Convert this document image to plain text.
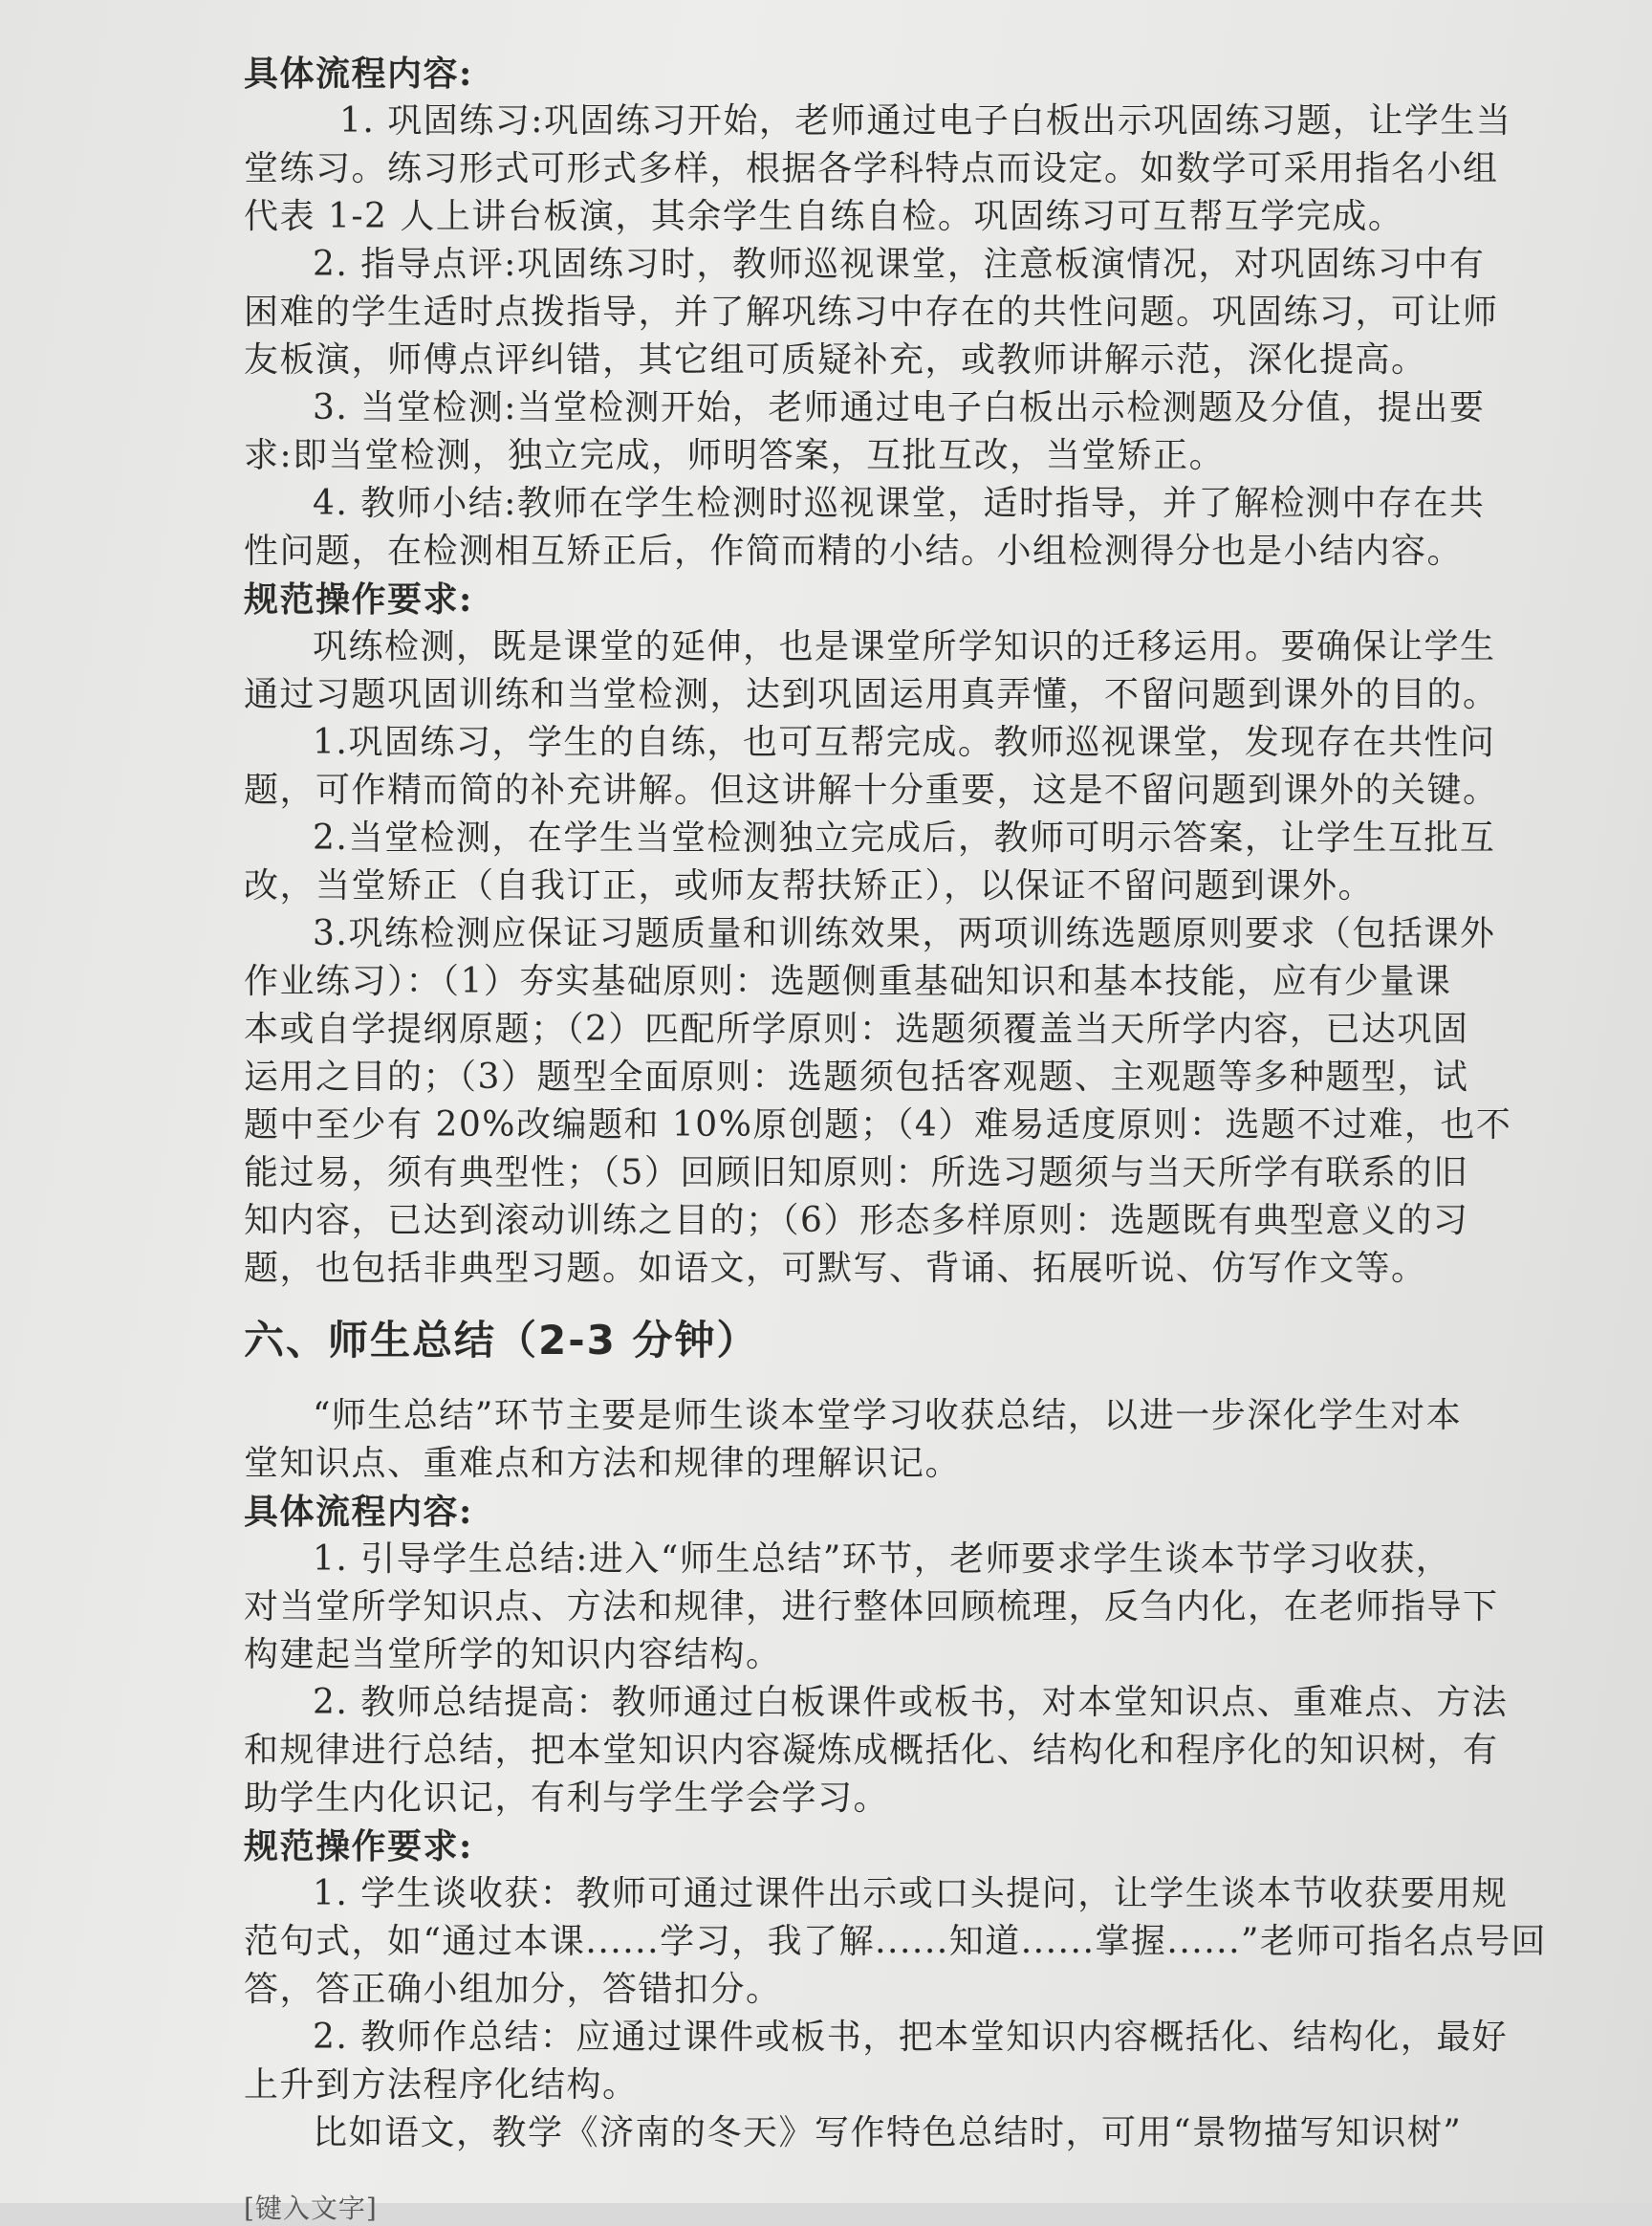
具体流程内容:
1. 巩固练习:巩固练习开始，老师通过电子白板出示巩固练习题，让学生当
堂练习。练习形式可形式多样，根据各学科特点而设定。如数学可采用指名小组
代表 1-2 人上讲台板演，其余学生自练自检。巩固练习可互帮互学完成。
2. 指导点评:巩固练习时，教师巡视课堂，注意板演情况，对巩固练习中有
困难的学生适时点拨指导，并了解巩练习中存在的共性问题。巩固练习，可让师
友板演，师傅点评纠错，其它组可质疑补充，或教师讲解示范，深化提高。
3. 当堂检测:当堂检测开始，老师通过电子白板出示检测题及分值，提出要
求:即当堂检测，独立完成，师明答案，互批互改，当堂矫正。
4. 教师小结:教师在学生检测时巡视课堂，适时指导，并了解检测中存在共
性问题，在检测相互矫正后，作简而精的小结。小组检测得分也是小结内容。
规范操作要求:
巩练检测，既是课堂的延伸，也是课堂所学知识的迁移运用。要确保让学生
通过习题巩固训练和当堂检测，达到巩固运用真弄懂，不留问题到课外的目的。
1.巩固练习，学生的自练，也可互帮完成。教师巡视课堂，发现存在共性问
题，可作精而简的补充讲解。但这讲解十分重要，这是不留问题到课外的关键。
2.当堂检测，在学生当堂检测独立完成后，教师可明示答案，让学生互批互
改，当堂矫正（自我订正，或师友帮扶矫正），以保证不留问题到课外。
3.巩练检测应保证习题质量和训练效果，两项训练选题原则要求（包括课外
作业练习）：（1）夯实基础原则：选题侧重基础知识和基本技能，应有少量课
本或自学提纲原题；（2）匹配所学原则：选题须覆盖当天所学内容，已达巩固
运用之目的；（3）题型全面原则：选题须包括客观题、主观题等多种题型，试
题中至少有 20%改编题和 10%原创题；（4）难易适度原则：选题不过难，也不
能过易，须有典型性；（5）回顾旧知原则：所选习题须与当天所学有联系的旧
知内容，已达到滚动训练之目的；（6）形态多样原则：选题既有典型意义的习
题，也包括非典型习题。如语文，可默写、背诵、拓展听说、仿写作文等。
六、师生总结（2-3 分钟）
“师生总结”环节主要是师生谈本堂学习收获总结，以进一步深化学生对本
堂知识点、重难点和方法和规律的理解识记。
具体流程内容:
1. 引导学生总结:进入“师生总结”环节，老师要求学生谈本节学习收获，
对当堂所学知识点、方法和规律，进行整体回顾梳理，反刍内化，在老师指导下
构建起当堂所学的知识内容结构。
2. 教师总结提高：教师通过白板课件或板书，对本堂知识点、重难点、方法
和规律进行总结，把本堂知识内容凝炼成概括化、结构化和程序化的知识树，有
助学生内化识记，有利与学生学会学习。
规范操作要求:
1. 学生谈收获：教师可通过课件出示或口头提问，让学生谈本节收获要用规
范句式，如“通过本课......学习，我了解......知道......掌握......”老师可指名点号回
答，答正确小组加分，答错扣分。
2. 教师作总结：应通过课件或板书，把本堂知识内容概括化、结构化，最好
上升到方法程序化结构。
比如语文，教学《济南的冬天》写作特色总结时，可用“景物描写知识树”
[键入文字]
